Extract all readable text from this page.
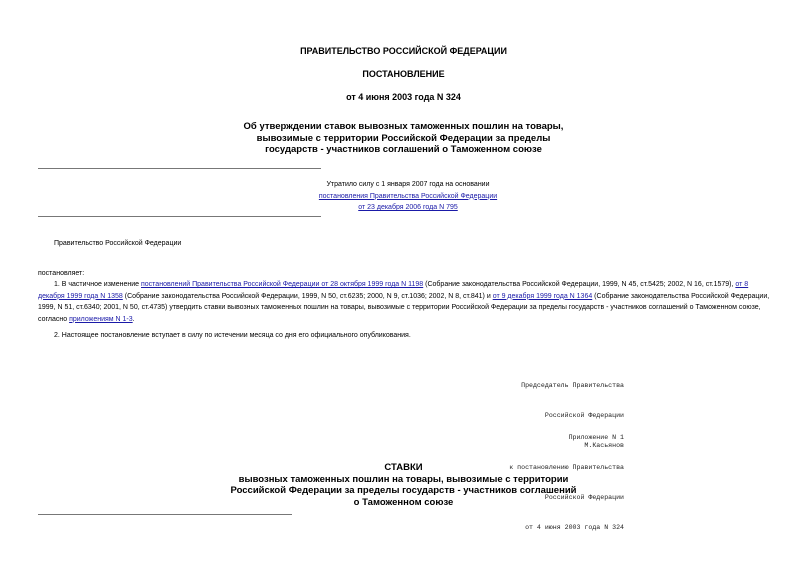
ПРАВИТЕЛЬСТВО РОССИЙСКОЙ ФЕДЕРАЦИИ
ПОСТАНОВЛЕНИЕ
от 4 июня 2003 года N 324
Об утверждении ставок вывозных таможенных пошлин на товары,
вывозимые с территории Российской Федерации за пределы
государств - участников соглашений о Таможенном союзе
Утратило силу с 1 января 2007 года на основании
постановления Правительства Российской Федерации
от 23 декабря 2006 года N 795
Правительство Российской Федерации
постановляет:
1. В частичное изменение постановлений Правительства Российской Федерации от 28 октября 1999 года N 1198 (Собрание законодательства Российской Федерации, 1999, N 45, ст.5425; 2002, N 16, ст.1579), от 8 декабря 1999 года N 1358 (Собрание законодательства Российской Федерации, 1999, N 50, ст.6235; 2000, N 9, ст.1036; 2002, N 8, ст.841) и от 9 декабря 1999 года N 1364 (Собрание законодательства Российской Федерации, 1999, N 51, ст.6340; 2001, N 50, ст.4735) утвердить ставки вывозных таможенных пошлин на товары, вывозимые с территории Российской Федерации за пределы государств - участников соглашений о Таможенном союзе, согласно приложениям N 1-3.
2. Настоящее постановление вступает в силу по истечении месяца со дня его официального опубликования.

Председатель Правительства

Российской Федерации

М.Касьянов

Приложение N 1

к постановлению Правительства

Российской Федерации

от 4 июня 2003 года N 324

СТАВКИ
вывозных таможенных пошлин на товары, вывозимые с территории
Российской Федерации за пределы государств - участников соглашений
о Таможенном союзе
